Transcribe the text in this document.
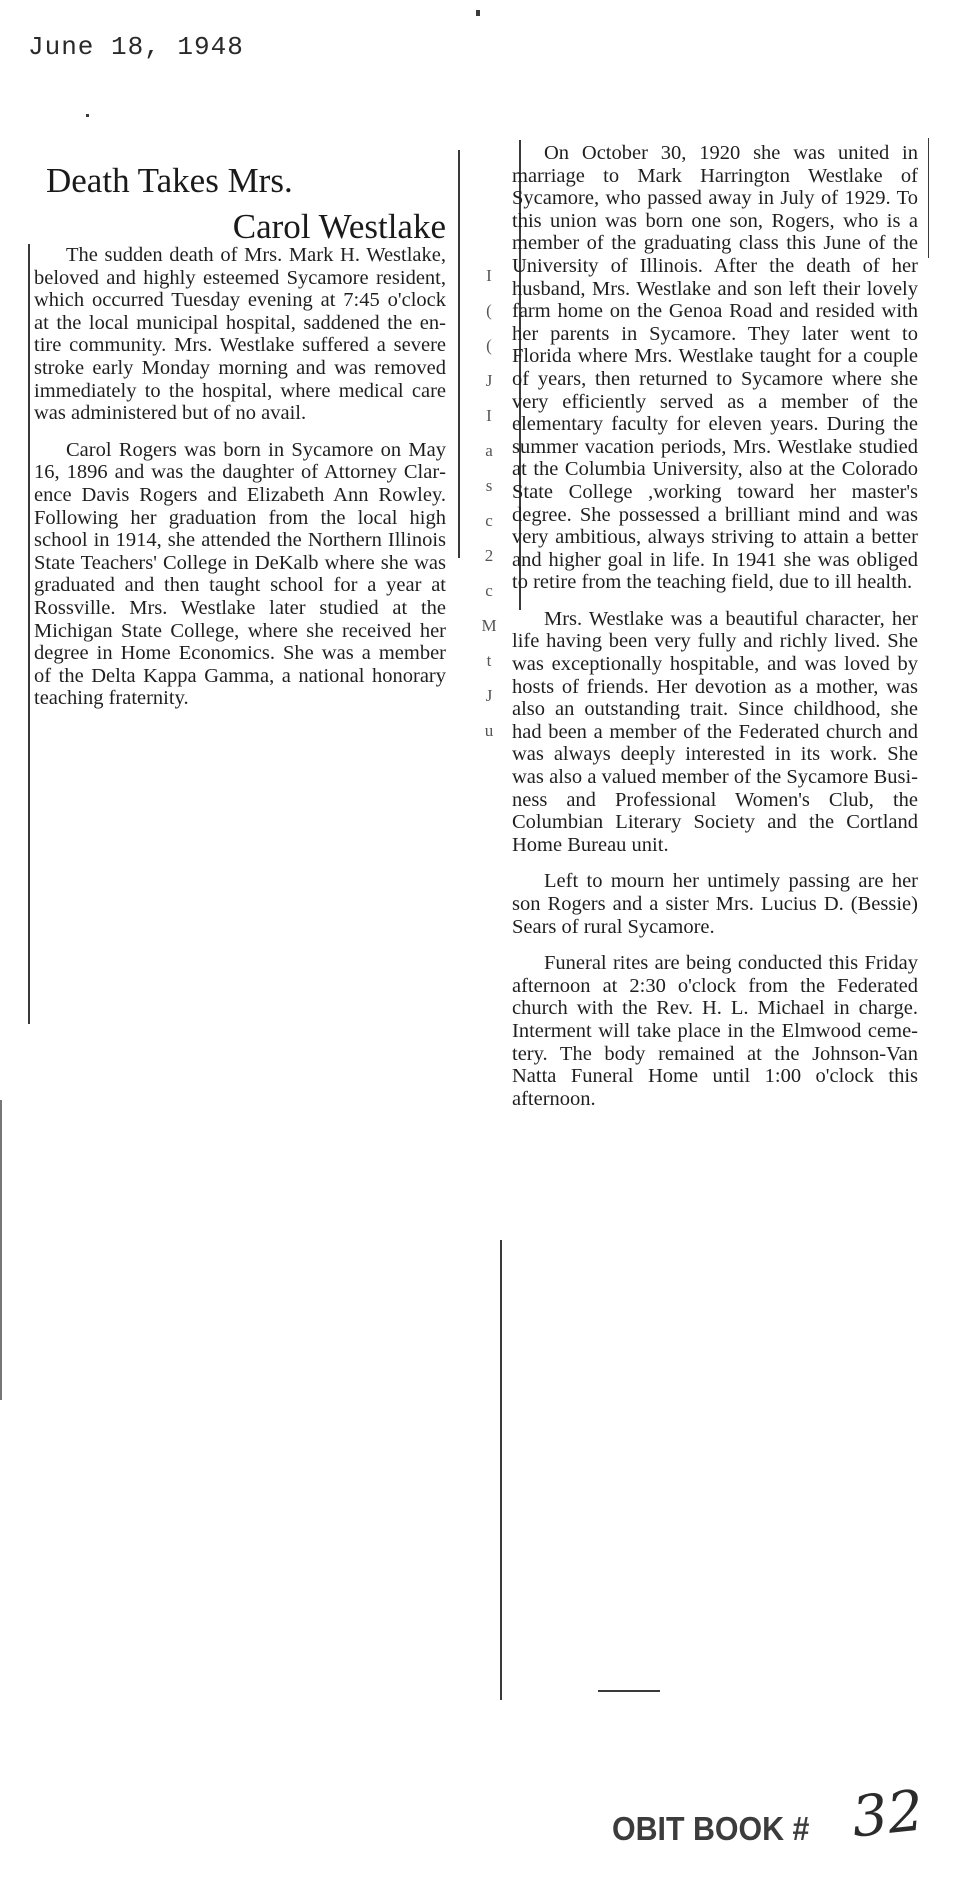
June 18, 1948
Death Takes Mrs.
Carol Westlake

The sudden death of Mrs. Mark H. Westlake, beloved and highly esteemed Sycamore resident, which occurred Tuesday evening at 7:45 o'clock at the local municipal hospital, saddened the entire community. Mrs. Westlake suffered a severe stroke early Monday morning and was removed immediately to the hospital, where medical care was administered but of no avail.

Carol Rogers was born in Sycamore on May 16, 1896 and was the daughter of Attorney Clarence Davis Rogers and Elizabeth Ann Rowley. Following her graduation from the local high school in 1914, she attended the Northern Illinois State Teachers' College in DeKalb where she was graduated and then taught school for a year at Rossville. Mrs. Westlake later studied at the Michigan State College, where she received her degree in Home Economics. She was a member of the Delta Kappa Gamma, a national honorary teaching fraternity.

I
(
(
J
I
a
s
c
2
c
M
t
J
u

On October 30, 1920 she was united in marriage to Mark Harrington Westlake of Sycamore, who passed away in July of 1929. To this union was born one son, Rogers, who is a member of the graduating class this June of the University of Illinois. After the death of her husband, Mrs. Westlake and son left their lovely farm home on the Genoa Road and resided with her parents in Sycamore. They later went to Florida where Mrs. Westlake taught for a couple of years, then returned to Sycamore where she very efficiently served as a member of the elementary faculty for eleven years. During the summer vacation periods, Mrs. Westlake studied at the Columbia University, also at the Colorado State College ,working toward her master's degree. She possessed a brilliant mind and was very ambitious, always striving to attain a better and higher goal in life. In 1941 she was obliged to retire from the teaching field, due to ill health.

Mrs. Westlake was a beautiful character, her life having been very fully and richly lived. She was exceptionally hospitable, and was loved by hosts of friends. Her devotion as a mother, was also an outstanding trait. Since childhood, she had been a member of the Federated church and was always deeply interested in its work. She was also a valued member of the Sycamore Business and Professional Women's Club, the Columbian Literary Society and the Cortland Home Bureau unit.

Left to mourn her untimely passing are her son Rogers and a sister Mrs. Lucius D. (Bessie) Sears of rural Sycamore.

Funeral rites are being conducted this Friday afternoon at 2:30 o'clock from the Federated church with the Rev. H. L. Michael in charge. Interment will take place in the Elmwood cemetery. The body remained at the Johnson-Van Natta Funeral Home until 1:00 o'clock this afternoon.

OBIT BOOK # 32
